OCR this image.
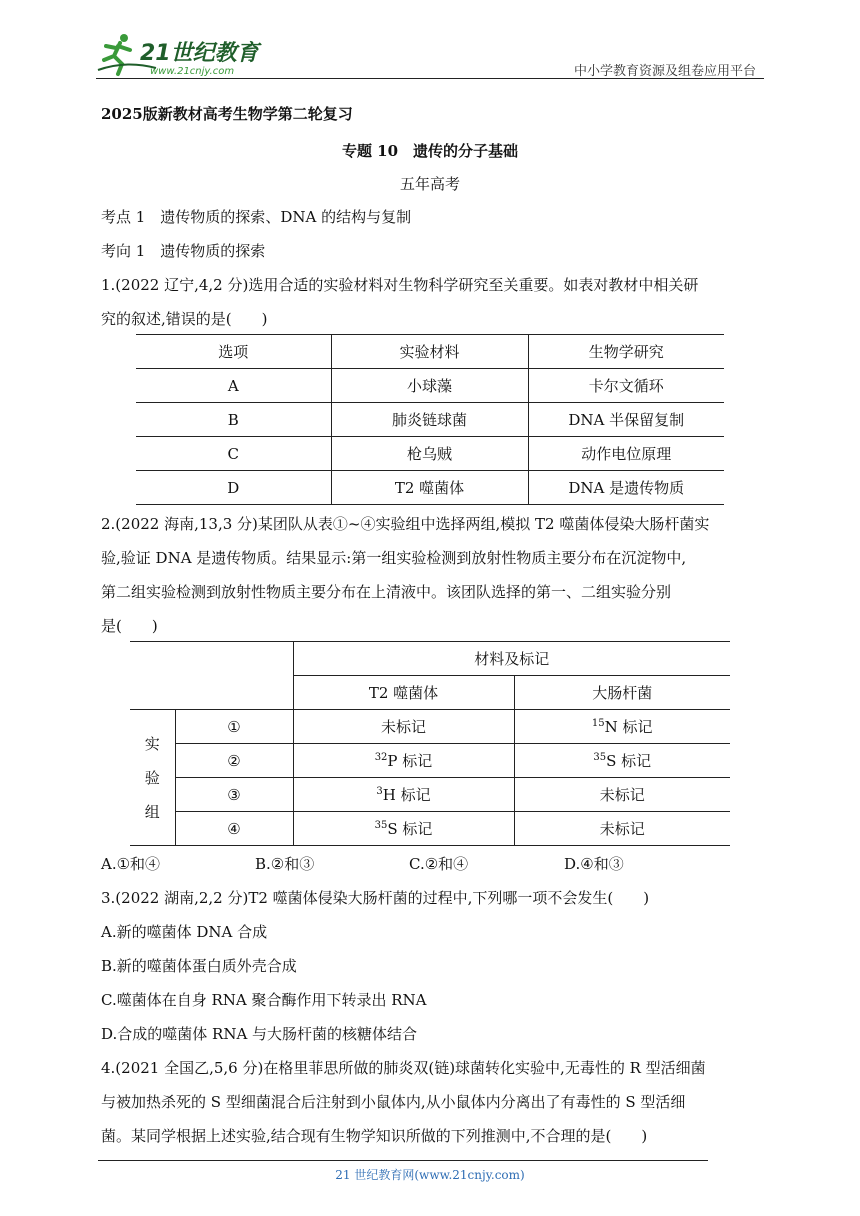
21世纪教育
www.21cnjy.com	中小学教育资源及组卷应用平台
2025版新教材高考生物学第二轮复习
专题 10　遗传的分子基础
五年高考
考点 1　遗传物质的探索、DNA 的结构与复制
考向 1　遗传物质的探索
1.(2022 辽宁,4,2 分)选用合适的实验材料对生物科学研究至关重要。如表对教材中相关研
究的叙述,错误的是(　　)
选项	实验材料	生物学研究
A	小球藻	卡尔文循环
B	肺炎链球菌	DNA 半保留复制
C	枪乌贼	动作电位原理
D	T2 噬菌体	DNA 是遗传物质
2.(2022 海南,13,3 分)某团队从表①~④实验组中选择两组,模拟 T2 噬菌体侵染大肠杆菌实
验,验证 DNA 是遗传物质。结果显示:第一组实验检测到放射性物质主要分布在沉淀物中,
第二组实验检测到放射性物质主要分布在上清液中。该团队选择的第一、二组实验分别
是(　　)
		材料及标记	
		T2 噬菌体	大肠杆菌

实
验
组	①	未标记	$^{15}$N 标记
	②	$^{32}$P 标记	$^{35}$S 标记
	③	$^3$H 标记	未标记
	④	$^{35}$S 标记	未标记
A.①和④	B.②和③	C.②和④	D.④和③
3.(2022 湖南,2,2 分)T2 噬菌体侵染大肠杆菌的过程中,下列哪一项不会发生(　　)
A.新的噬菌体 DNA 合成
B.新的噬菌体蛋白质外壳合成
C.噬菌体在自身 RNA 聚合酶作用下转录出 RNA
D.合成的噬菌体 RNA 与大肠杆菌的核糖体结合
4.(2021 全国乙,5,6 分)在格里菲思所做的肺炎双(链)球菌转化实验中,无毒性的 R 型活细菌
与被加热杀死的 S 型细菌混合后注射到小鼠体内,从小鼠体内分离出了有毒性的 S 型活细
菌。某同学根据上述实验,结合现有生物学知识所做的下列推测中,不合理的是(　　)
21 世纪教育网(www.21cnjy.com)
